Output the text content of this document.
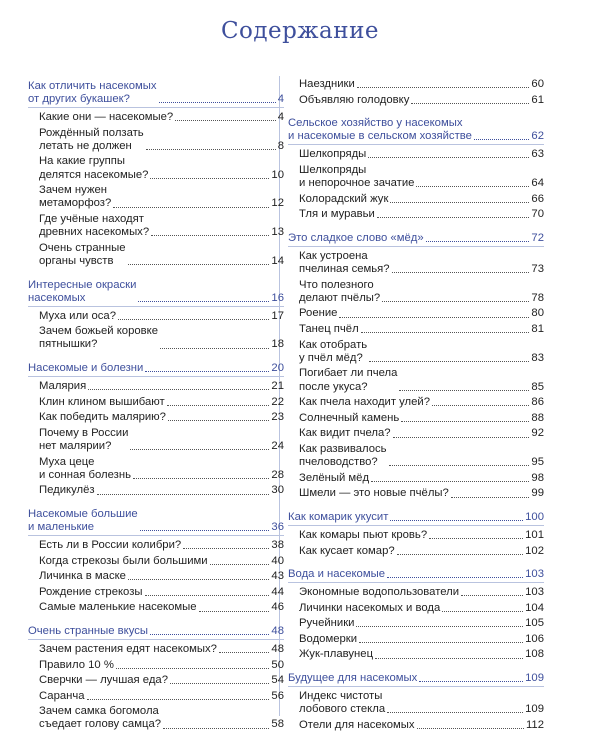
Содержание
Как отличить насекомых
от других букашек?	4
Какие они — насекомые?	4
Рождённый ползать
летать не должен	8
На какие группы
делятся насекомые?	10
Зачем нужен
метаморфоз?	12
Где учёные находят
древних насекомых?	13
Очень странные
органы чувств	14
Интересные окраски
насекомых	16
Муха или оса?	17
Зачем божьей коровке
пятнышки?	18
Насекомые и болезни	20
Малярия	21
Клин клином вышибают	22
Как победить малярию?	23
Почему в России
нет малярии?	24
Муха цеце
и сонная болезнь	28
Педикулёз	30
Насекомые большие
и маленькие	36
Есть ли в России колибри?	38
Когда стрекозы были большими	40
Личинка в маске	43
Рождение стрекозы	44
Самые маленькие насекомые	46
Очень странные вкусы	48
Зачем растения едят насекомых?	48
Правило 10 %	50
Сверчки — лучшая еда?	54
Саранча	56
Зачем самка богомола
съедает голову самца?	58
Наездники	60
Объявляю голодовку	61
Сельское хозяйство у насекомых
и насекомые в сельском хозяйстве	62
Шелкопряды	63
Шелкопряды
и непорочное зачатие	64
Колорадский жук	66
Тля и муравьи	70
Это сладкое слово «мёд»	72
Как устроена
пчелиная семья?	73
Что полезного
делают пчёлы?	78
Роение	80
Танец пчёл	81
Как отобрать
у пчёл мёд?	83
Погибает ли пчела
после укуса?	85
Как пчела находит улей?	86
Солнечный камень	88
Как видит пчела?	92
Как развивалось
пчеловодство?	95
Зелёный мёд	98
Шмели — это новые пчёлы?	99
Как комарик укусит	100
Как комары пьют кровь?	101
Как кусает комар?	102
Вода и насекомые	103
Экономные водопользователи	103
Личинки насекомых и вода	104
Ручейники	105
Водомерки	106
Жук-плавунец	108
Будущее для насекомых	109
Индекс чистоты
лобового стекла	109
Отели для насекомых	112
